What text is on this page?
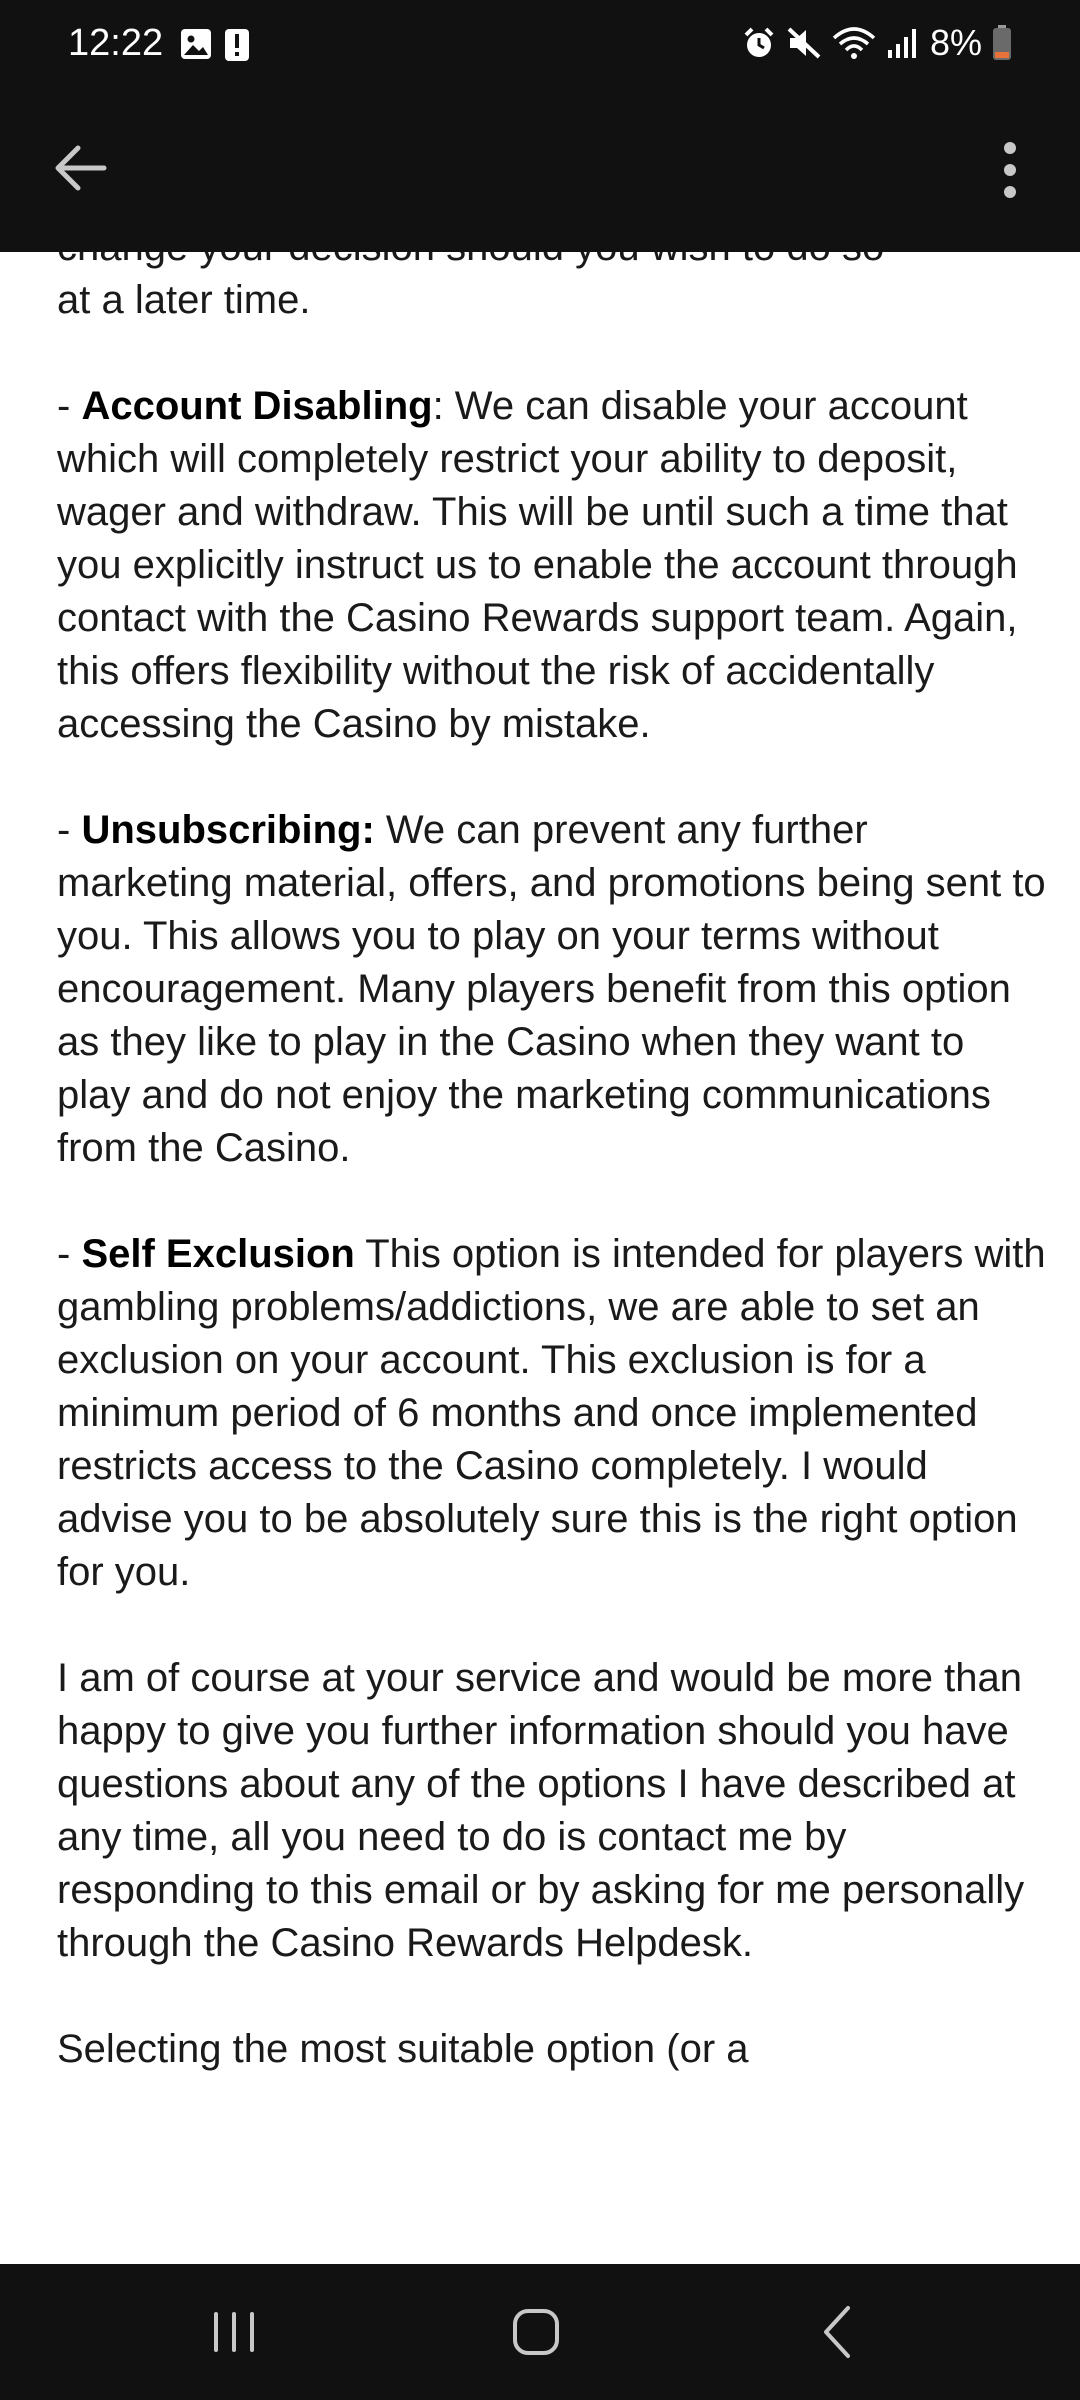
12:22	8%

at a later time.

- Account Disabling: We can disable your account which will completely restrict your ability to deposit, wager and withdraw. This will be until such a time that you explicitly instruct us to enable the account through contact with the Casino Rewards support team. Again, this offers flexibility without the risk of accidentally accessing the Casino by mistake.

- Unsubscribing: We can prevent any further marketing material, offers, and promotions being sent to you. This allows you to play on your terms without encouragement. Many players benefit from this option as they like to play in the Casino when they want to play and do not enjoy the marketing communications from the Casino.

- Self Exclusion This option is intended for players with gambling problems/addictions, we are able to set an exclusion on your account. This exclusion is for a minimum period of 6 months and once implemented restricts access to the Casino completely. I would advise you to be absolutely sure this is the right option for you.

I am of course at your service and would be more than happy to give you further information should you have questions about any of the options I have described at any time, all you need to do is contact me by responding to this email or by asking for me personally through the Casino Rewards Helpdesk.

Selecting the most suitable option (or a
